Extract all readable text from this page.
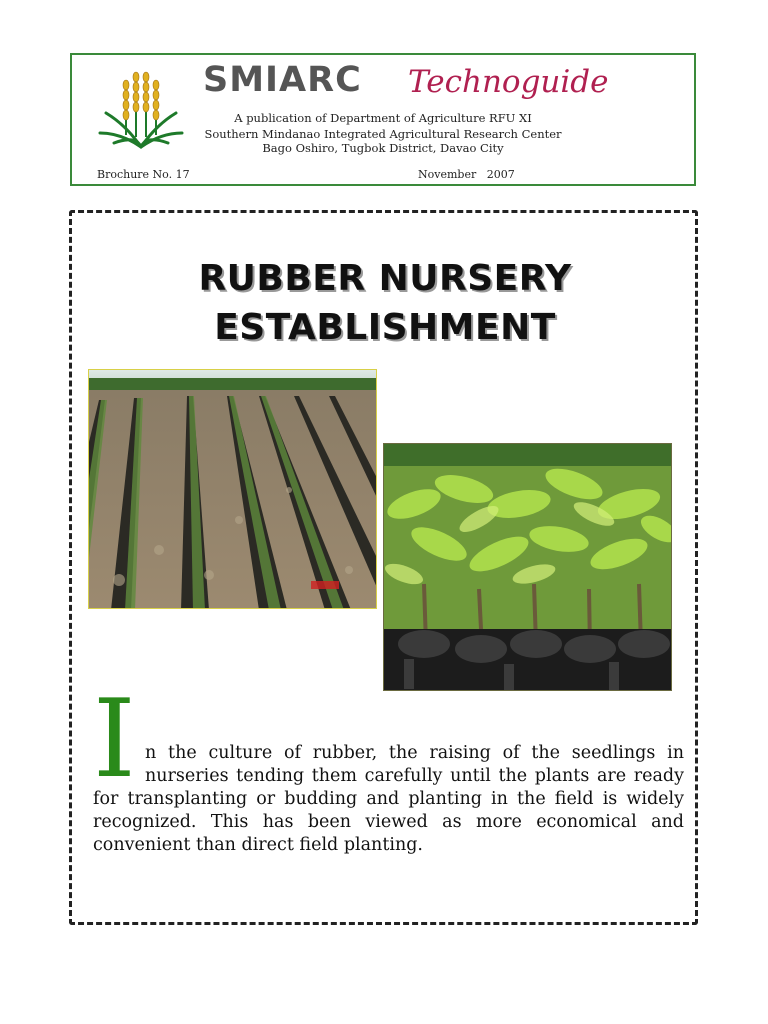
SMIARC Technoguide
A publication of Department of Agriculture RFU XI
Southern Mindanao Integrated Agricultural Research Center
Bago Oshiro, Tugbok District, Davao City
Brochure No. 17	November   2007
RUBBER NURSERY
ESTABLISHMENT
I n the culture of rubber, the raising of the seedlings in
nurseries tending them carefully until the plants are ready
for transplanting or budding and planting in the field is widely
recognized. This has been viewed as more economical and
convenient than direct field planting.
